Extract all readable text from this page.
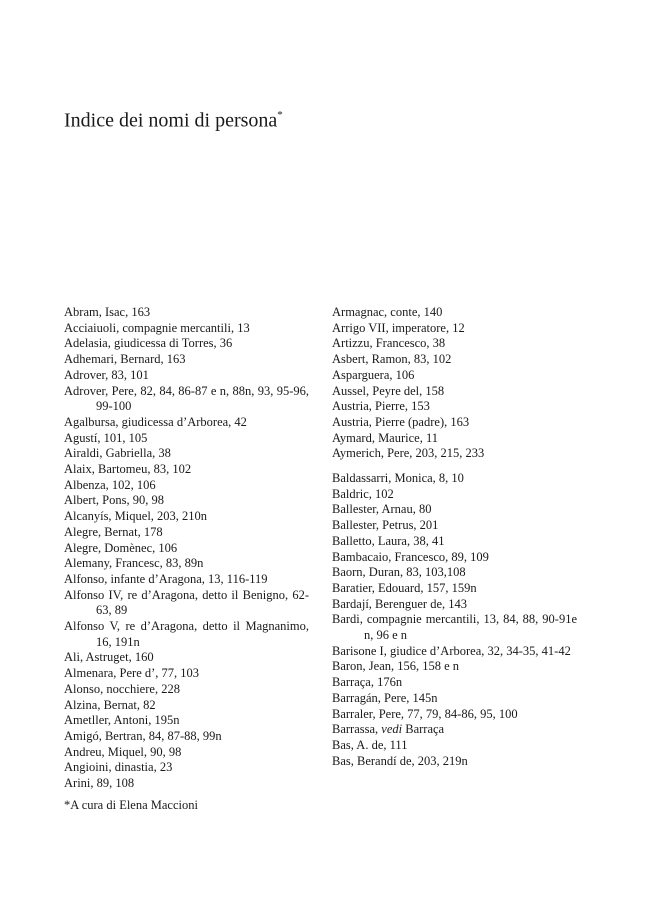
Indice dei nomi di persona*

Abram, Isac, 163

Acciaiuoli, compagnie mercantili, 13

Adelasia, giudicessa di Torres, 36

Adhemari, Bernard, 163

Adrover, 83, 101

Adrover, Pere, 82, 84, 86-87 e n, 88n, 93, 95-96, 99-100

Agalbursa, giudicessa d’Arborea, 42

Agustí, 101, 105

Airaldi, Gabriella, 38

Alaix, Bartomeu, 83, 102

Albenza, 102, 106

Albert, Pons, 90, 98

Alcanyís, Miquel, 203, 210n

Alegre, Bernat, 178

Alegre, Domènec, 106

Alemany, Francesc, 83, 89n

Alfonso, infante d’Aragona, 13, 116-119

Alfonso IV, re d’Aragona, detto il Benigno, 62-63, 89

Alfonso V, re d’Aragona, detto il Magnanimo, 16, 191n

Ali, Astruget, 160

Almenara, Pere d’, 77, 103

Alonso, nocchiere, 228

Alzina, Bernat, 82

Ametller, Antoni, 195n

Amigó, Bertran, 84, 87-88, 99n

Andreu, Miquel, 90, 98

Angioini, dinastia, 23

Arini, 89, 108

Armagnac, conte, 140

Arrigo VII, imperatore, 12

Artizzu, Francesco, 38

Asbert, Ramon, 83, 102

Asparguera, 106

Aussel, Peyre del, 158

Austria, Pierre, 153

Austria, Pierre (padre), 163

Aymard, Maurice, 11

Aymerich, Pere, 203, 215, 233

Baldassarri, Monica, 8, 10

Baldric, 102

Ballester, Arnau, 80

Ballester, Petrus, 201

Balletto, Laura, 38, 41

Bambacaio, Francesco, 89, 109

Baorn, Duran, 83, 103,108

Baratier, Edouard, 157, 159n

Bardají, Berenguer de, 143

Bardi, compagnie mercantili, 13, 84, 88, 90-91e n, 96 e n

Barisone I, giudice d’Arborea, 32, 34-35, 41-42

Baron, Jean, 156, 158 e n

Barraça, 176n

Barragán, Pere, 145n

Barraler, Pere, 77, 79, 84-86, 95, 100

Barrassa, vedi Barraça

Bas, A. de, 111

Bas, Berandí de, 203, 219n

*A cura di Elena Maccioni
